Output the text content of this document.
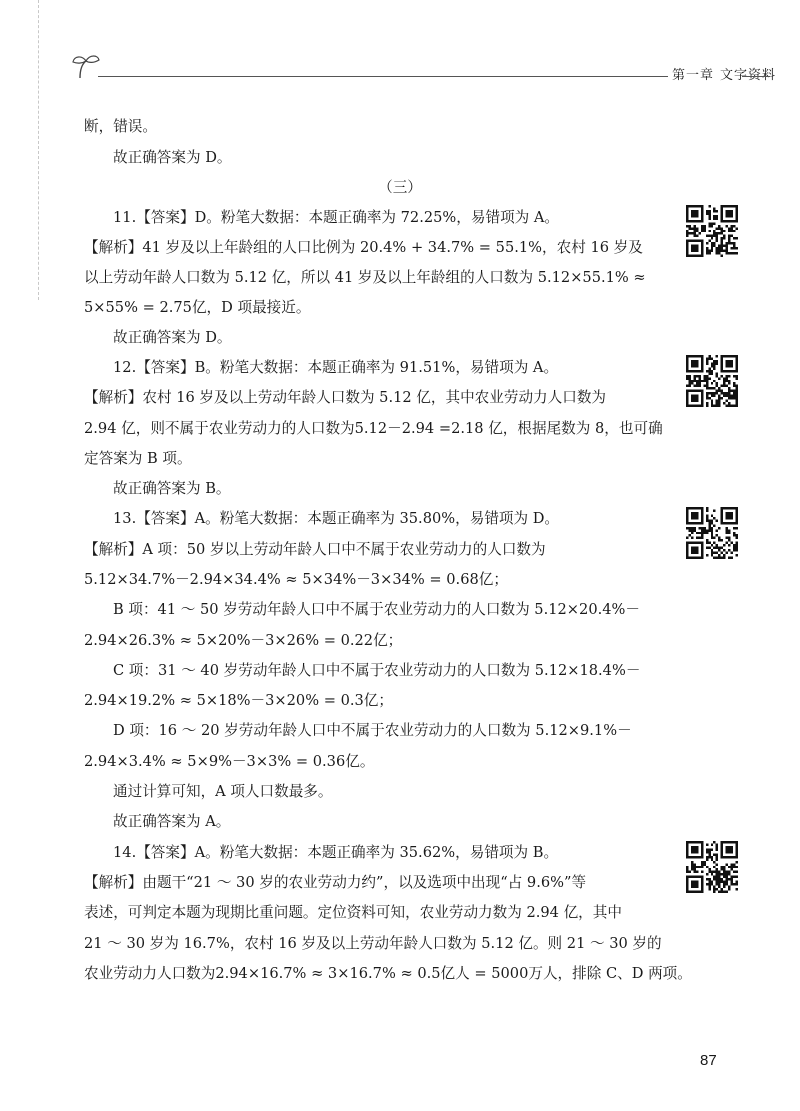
第一章 文字资料
断，错误。
故正确答案为 D。
（三）
11.【答案】D。粉笔大数据：本题正确率为 72.25%，易错项为 A。
【解析】41 岁及以上年龄组的人口比例为 20.4% + 34.7% = 55.1%，农村 16 岁及
以上劳动年龄人口数为 5.12 亿，所以 41 岁及以上年龄组的人口数为 5.12×55.1% ≈
5×55% = 2.75亿，D 项最接近。
故正确答案为 D。
12.【答案】B。粉笔大数据：本题正确率为 91.51%，易错项为 A。
【解析】农村 16 岁及以上劳动年龄人口数为 5.12 亿，其中农业劳动力人口数为
2.94 亿，则不属于农业劳动力的人口数为5.12－2.94 =2.18 亿，根据尾数为 8，也可确
定答案为 B 项。
故正确答案为 B。
13.【答案】A。粉笔大数据：本题正确率为 35.80%，易错项为 D。
【解析】A 项：50 岁以上劳动年龄人口中不属于农业劳动力的人口数为
5.12×34.7%－2.94×34.4% ≈ 5×34%－3×34% = 0.68亿；
B 项：41 ～ 50 岁劳动年龄人口中不属于农业劳动力的人口数为 5.12×20.4%－
2.94×26.3% ≈ 5×20%－3×26% = 0.22亿；
C 项：31 ～ 40 岁劳动年龄人口中不属于农业劳动力的人口数为 5.12×18.4%－
2.94×19.2% ≈ 5×18%－3×20% = 0.3亿；
D 项：16 ～ 20 岁劳动年龄人口中不属于农业劳动力的人口数为 5.12×9.1%－
2.94×3.4% ≈ 5×9%－3×3% = 0.36亿。
通过计算可知，A 项人口数最多。
故正确答案为 A。
14.【答案】A。粉笔大数据：本题正确率为 35.62%，易错项为 B。
【解析】由题干“21 ～ 30 岁的农业劳动力约”，以及选项中出现“占 9.6%”等
表述，可判定本题为现期比重问题。定位资料可知，农业劳动力数为 2.94 亿，其中
21 ～ 30 岁为 16.7%，农村 16 岁及以上劳动年龄人口数为 5.12 亿。则 21 ～ 30 岁的
农业劳动力人口数为2.94×16.7% ≈ 3×16.7% ≈ 0.5亿人 = 5000万人，排除 C、D 两项。
87
